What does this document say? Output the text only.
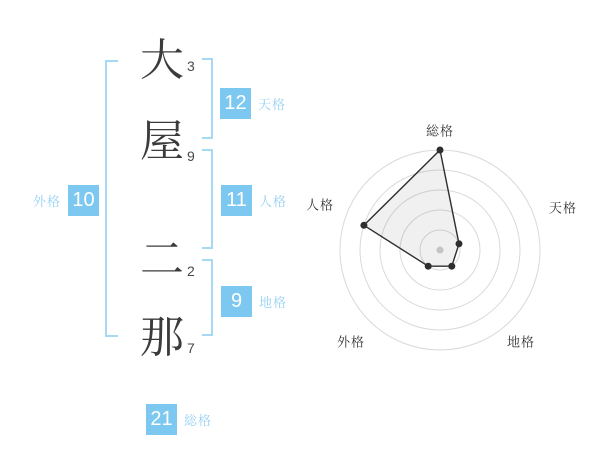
大
屋
二
那
3
9
2
7
12 天格
11 人格
9	地格
外格 10
21 総格
総格
天格
地格
外格
人格
